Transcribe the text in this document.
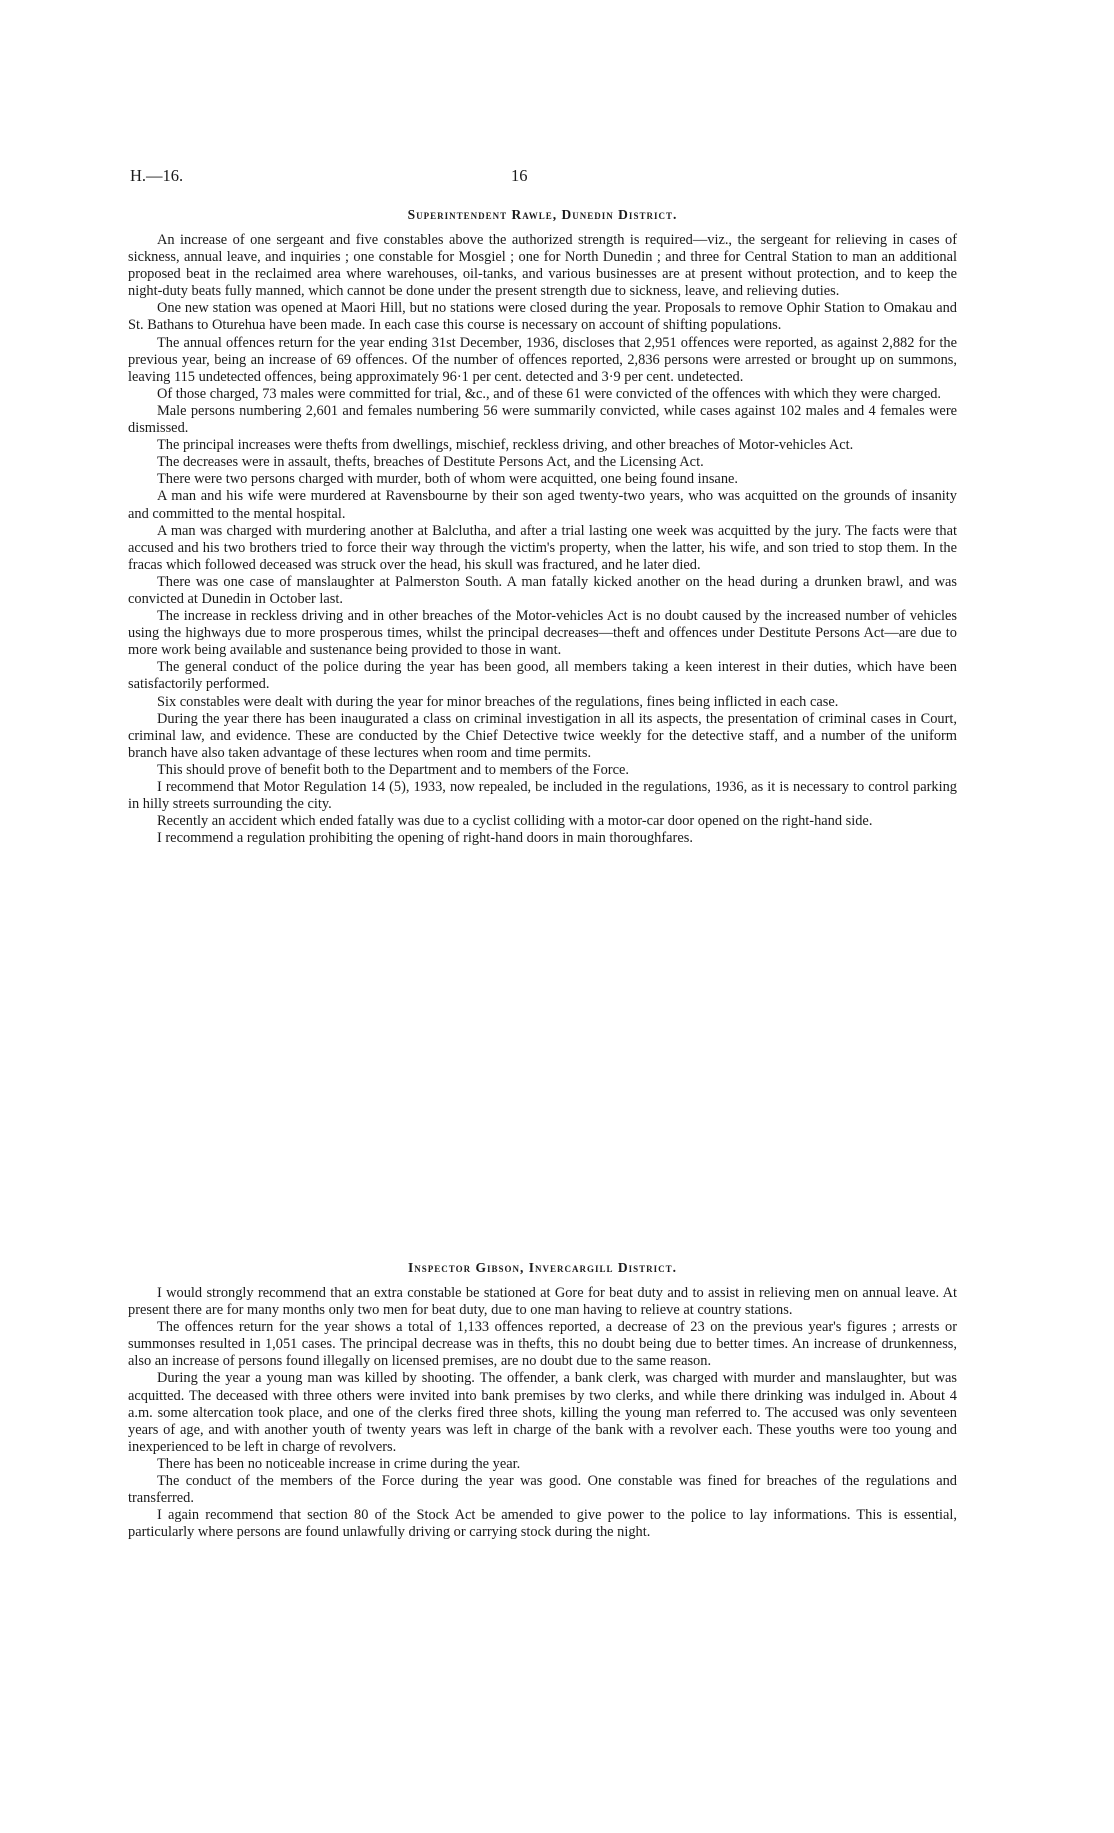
H.—16.	16
Superintendent Rawle, Dunedin District.

An increase of one sergeant and five constables above the authorized strength is required—viz., the sergeant for relieving in cases of sickness, annual leave, and inquiries ; one constable for Mosgiel ; one for North Dunedin ; and three for Central Station to man an additional proposed beat in the reclaimed area where warehouses, oil-tanks, and various businesses are at present without protection, and to keep the night-duty beats fully manned, which cannot be done under the present strength due to sickness, leave, and relieving duties.

One new station was opened at Maori Hill, but no stations were closed during the year. Proposals to remove Ophir Station to Omakau and St. Bathans to Oturehua have been made. In each case this course is necessary on account of shifting populations.

The annual offences return for the year ending 31st December, 1936, discloses that 2,951 offences were reported, as against 2,882 for the previous year, being an increase of 69 offences. Of the number of offences reported, 2,836 persons were arrested or brought up on summons, leaving 115 undetected offences, being approximately 96·1 per cent. detected and 3·9 per cent. undetected.

Of those charged, 73 males were committed for trial, &c., and of these 61 were convicted of the offences with which they were charged.

Male persons numbering 2,601 and females numbering 56 were summarily convicted, while cases against 102 males and 4 females were dismissed.

The principal increases were thefts from dwellings, mischief, reckless driving, and other breaches of Motor-vehicles Act.

The decreases were in assault, thefts, breaches of Destitute Persons Act, and the Licensing Act.

There were two persons charged with murder, both of whom were acquitted, one being found insane.

A man and his wife were murdered at Ravensbourne by their son aged twenty-two years, who was acquitted on the grounds of insanity and committed to the mental hospital.

A man was charged with murdering another at Balclutha, and after a trial lasting one week was acquitted by the jury. The facts were that accused and his two brothers tried to force their way through the victim's property, when the latter, his wife, and son tried to stop them. In the fracas which followed deceased was struck over the head, his skull was fractured, and he later died.

There was one case of manslaughter at Palmerston South. A man fatally kicked another on the head during a drunken brawl, and was convicted at Dunedin in October last.

The increase in reckless driving and in other breaches of the Motor-vehicles Act is no doubt caused by the increased number of vehicles using the highways due to more prosperous times, whilst the principal decreases—theft and offences under Destitute Persons Act—are due to more work being available and sustenance being provided to those in want.

The general conduct of the police during the year has been good, all members taking a keen interest in their duties, which have been satisfactorily performed.

Six constables were dealt with during the year for minor breaches of the regulations, fines being inflicted in each case.

During the year there has been inaugurated a class on criminal investigation in all its aspects, the presentation of criminal cases in Court, criminal law, and evidence. These are conducted by the Chief Detective twice weekly for the detective staff, and a number of the uniform branch have also taken advantage of these lectures when room and time permits.

This should prove of benefit both to the Department and to members of the Force.

I recommend that Motor Regulation 14 (5), 1933, now repealed, be included in the regulations, 1936, as it is necessary to control parking in hilly streets surrounding the city.

Recently an accident which ended fatally was due to a cyclist colliding with a motor-car door opened on the right-hand side.

I recommend a regulation prohibiting the opening of right-hand doors in main thoroughfares.

Inspector Gibson, Invercargill District.

I would strongly recommend that an extra constable be stationed at Gore for beat duty and to assist in relieving men on annual leave. At present there are for many months only two men for beat duty, due to one man having to relieve at country stations.

The offences return for the year shows a total of 1,133 offences reported, a decrease of 23 on the previous year's figures ; arrests or summonses resulted in 1,051 cases. The principal decrease was in thefts, this no doubt being due to better times. An increase of drunkenness, also an increase of persons found illegally on licensed premises, are no doubt due to the same reason.

During the year a young man was killed by shooting. The offender, a bank clerk, was charged with murder and manslaughter, but was acquitted. The deceased with three others were invited into bank premises by two clerks, and while there drinking was indulged in. About 4 a.m. some altercation took place, and one of the clerks fired three shots, killing the young man referred to. The accused was only seventeen years of age, and with another youth of twenty years was left in charge of the bank with a revolver each. These youths were too young and inexperienced to be left in charge of revolvers.

There has been no noticeable increase in crime during the year.

The conduct of the members of the Force during the year was good. One constable was fined for breaches of the regulations and transferred.

I again recommend that section 80 of the Stock Act be amended to give power to the police to lay informations. This is essential, particularly where persons are found unlawfully driving or carrying stock during the night.
